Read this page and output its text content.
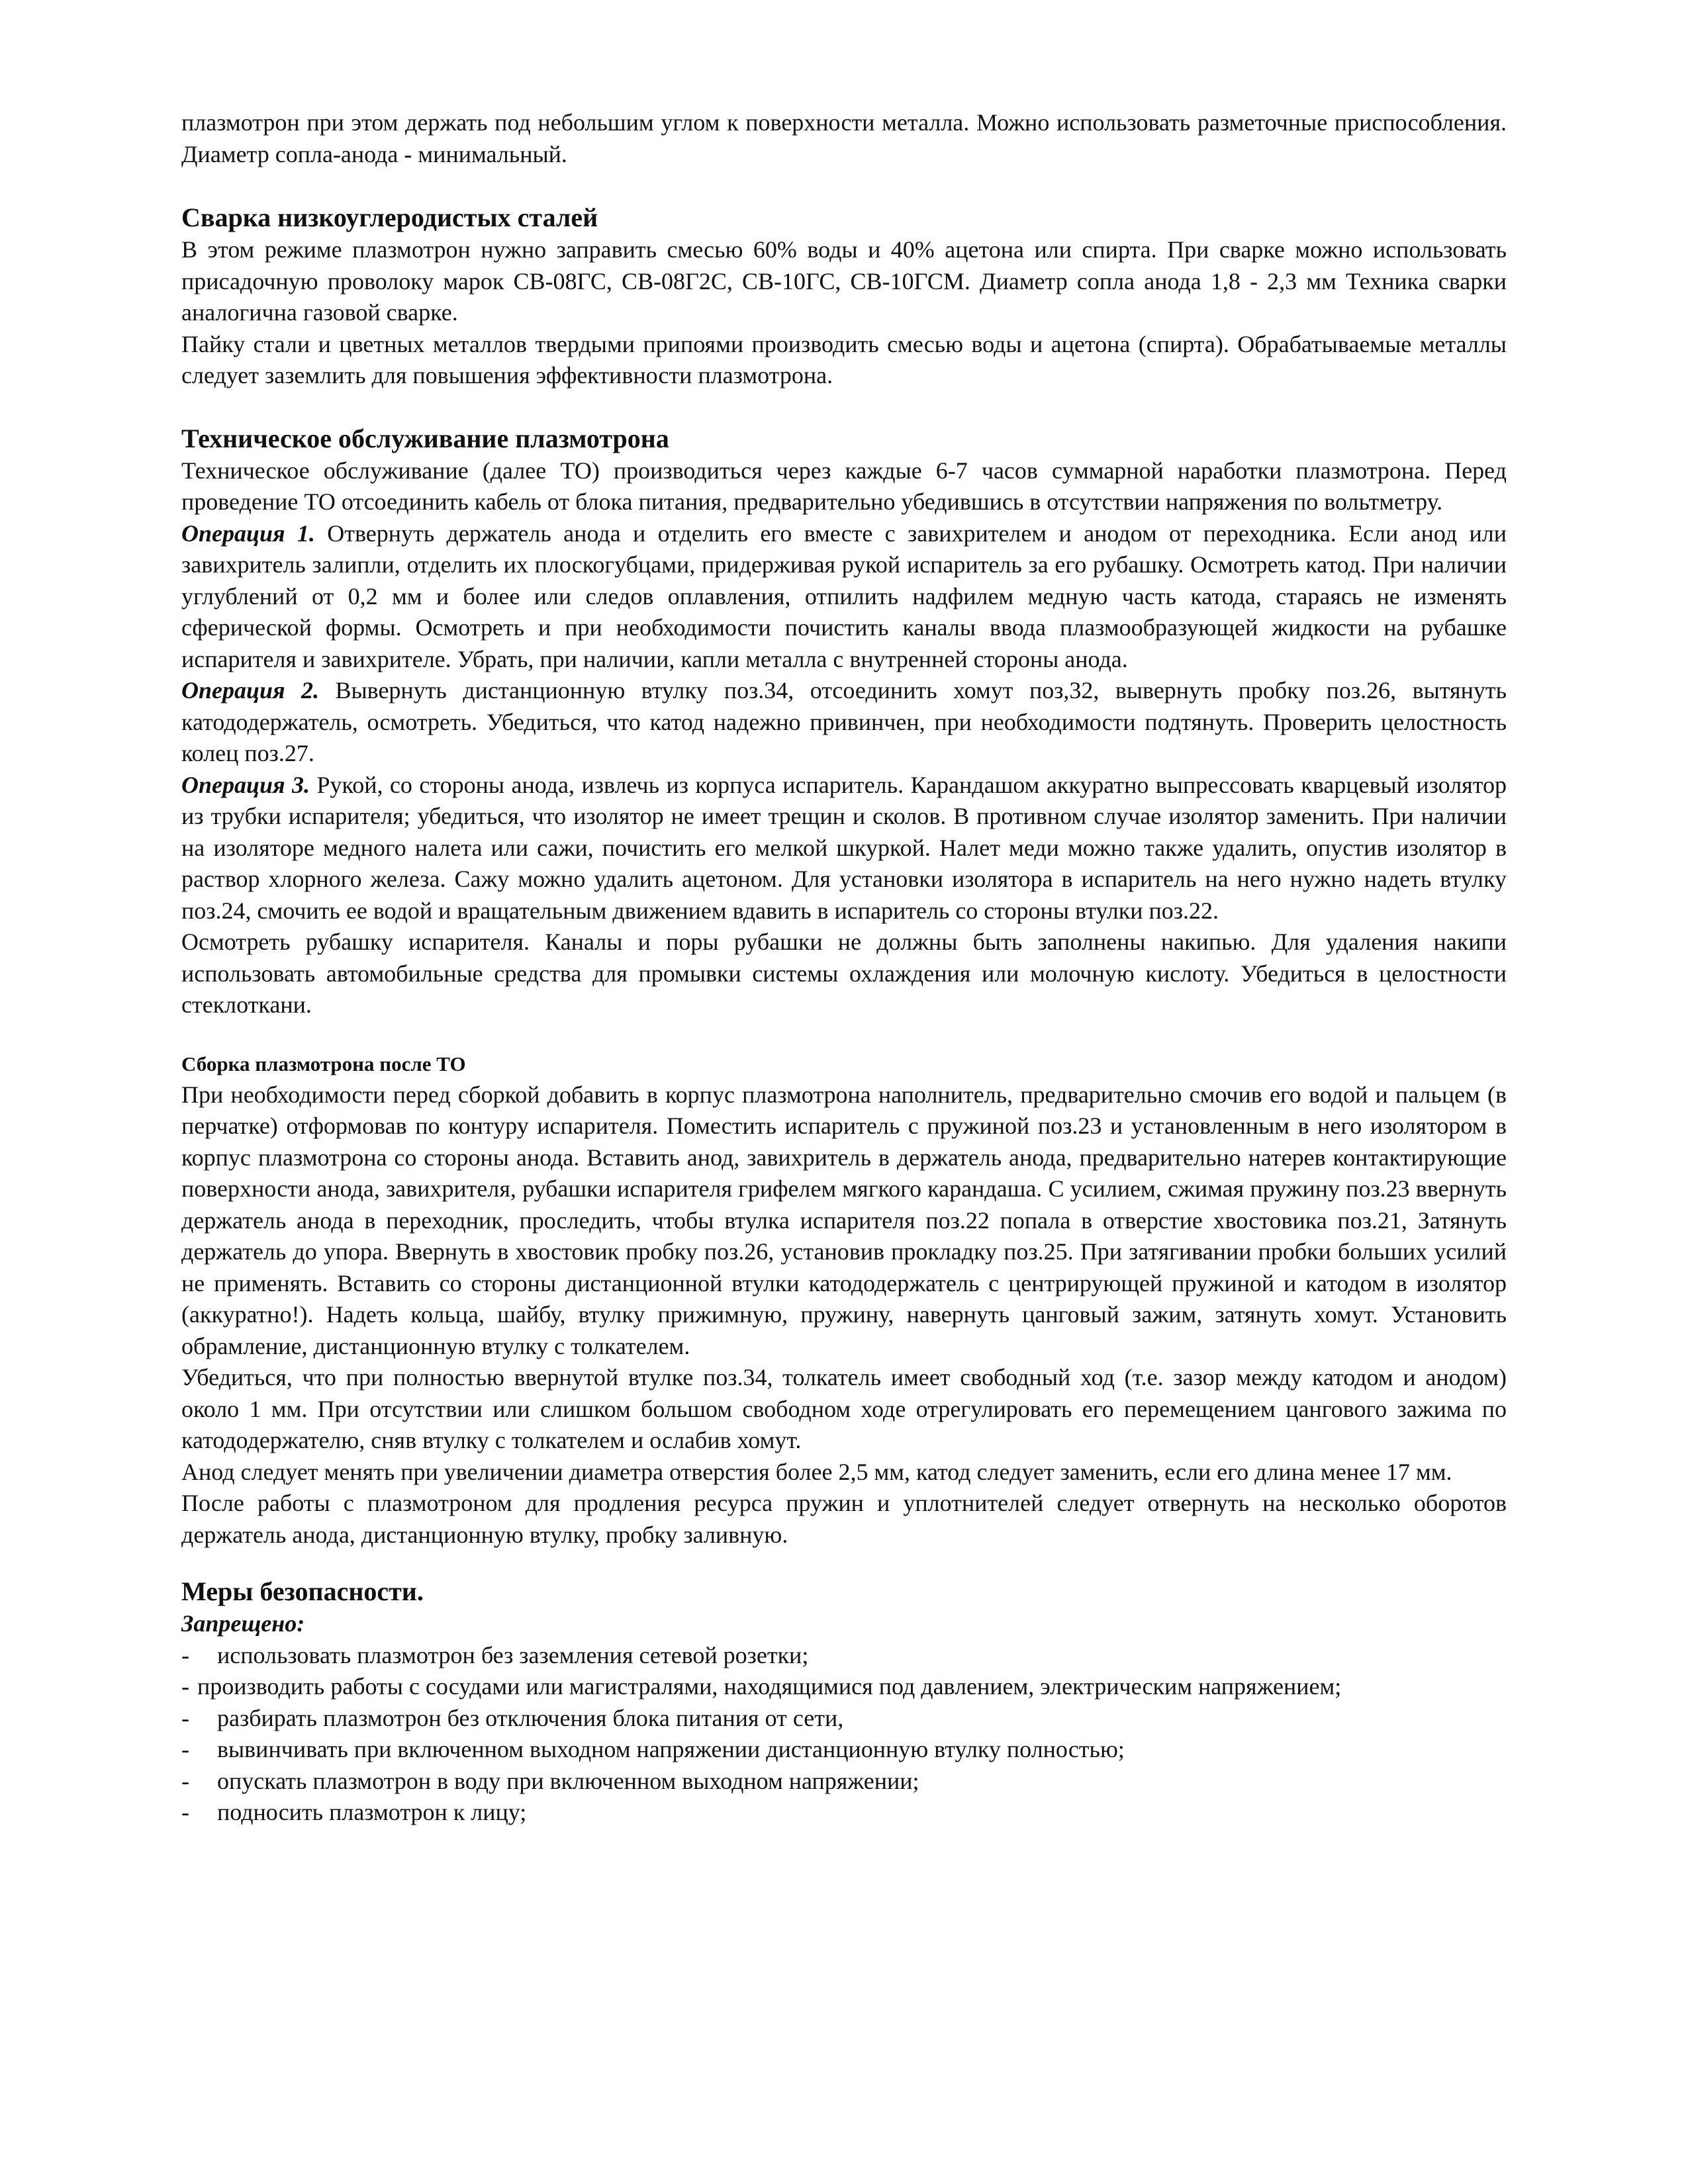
плазмотрон при этом держать под небольшим углом к поверхности металла. Можно использовать разметочные приспособления. Диаметр сопла-анода - минимальный.

Сварка низкоуглеродистых сталей

В этом режиме плазмотрон нужно заправить смесью 60% воды и 40% ацетона или спирта. При сварке можно использовать присадочную проволоку марок СВ-08ГС, СВ-08Г2С, СВ-10ГС, СВ-10ГСМ. Диаметр сопла анода 1,8 - 2,3 мм Техника сварки аналогична газовой сварке.

Пайку стали и цветных металлов твердыми припоями производить смесью воды и ацетона (спирта). Обрабатываемые металлы следует заземлить для повышения эффективности плазмотрона.

Техническое обслуживание плазмотрона

Техническое обслуживание (далее ТО) производиться через каждые 6-7 часов суммарной наработки плазмотрона. Перед проведение ТО отсоединить кабель от блока питания, предварительно убедившись в отсутствии напряжения по вольтметру.

Операция 1. Отвернуть держатель анода и отделить его вместе с завихрителем и анодом от переходника. Если анод или завихритель залипли, отделить их плоскогубцами, придерживая рукой испаритель за его рубашку. Осмотреть катод. При наличии углублений от 0,2 мм и более или следов оплавления, отпилить надфилем медную часть катода, стараясь не изменять сферической формы. Осмотреть и при необходимости почистить каналы ввода плазмообразующей жидкости на рубашке испарителя и завихрителе. Убрать, при наличии, капли металла с внутренней стороны анода.

Операция 2. Вывернуть дистанционную втулку поз.34, отсоединить хомут поз,32, вывернуть пробку поз.26, вытянуть катододержатель, осмотреть. Убедиться, что катод надежно привинчен, при необходимости подтянуть. Проверить целостность колец поз.27.

Операция 3. Рукой, со стороны анода, извлечь из корпуса испаритель. Карандашом аккуратно выпрессовать кварцевый изолятор из трубки испарителя; убедиться, что изолятор не имеет трещин и сколов. В противном случае изолятор заменить. При наличии на изоляторе медного налета или сажи, почистить его мелкой шкуркой. Налет меди можно также удалить, опустив изолятор в раствор хлорного железа. Сажу можно удалить ацетоном. Для установки изолятора в испаритель на него нужно надеть втулку поз.24, смочить ее водой и вращательным движением вдавить в испаритель со стороны втулки поз.22.

Осмотреть рубашку испарителя. Каналы и поры рубашки не должны быть заполнены накипью. Для удаления накипи использовать автомобильные средства для промывки системы охлаждения или молочную кислоту. Убедиться в целостности стеклоткани.

Сборка плазмотрона после ТО

При необходимости перед сборкой добавить в корпус плазмотрона наполнитель, предварительно смочив его водой и пальцем (в перчатке) отформовав по контуру испарителя. Поместить испаритель с пружиной поз.23 и установленным в него изолятором в корпус плазмотрона со стороны анода. Вставить анод, завихритель в держатель анода, предварительно натерев контактирующие поверхности анода, завихрителя, рубашки испарителя грифелем мягкого карандаша. С усилием, сжимая пружину поз.23 ввернуть держатель анода в переходник, проследить, чтобы втулка испарителя поз.22 попала в отверстие хвостовика поз.21, Затянуть держатель до упора. Ввернуть в хвостовик пробку поз.26, установив прокладку поз.25. При затягивании пробки больших усилий не применять. Вставить со стороны дистанционной втулки катододержатель с центрирующей пружиной и катодом в изолятор (аккуратно!). Надеть кольца, шайбу, втулку прижимную, пружину, навернуть цанговый зажим, затянуть хомут. Установить обрамление, дистанционную втулку с толкателем.

Убедиться, что при полностью ввернутой втулке поз.34, толкатель имеет свободный ход (т.е. зазор между катодом и анодом) около 1 мм. При отсутствии или слишком большом свободном ходе отрегулировать его перемещением цангового зажима по катододержателю, сняв втулку с толкателем и ослабив хомут.

Анод следует менять при увеличении диаметра отверстия более 2,5 мм, катод следует заменить, если его длина менее 17 мм.

После работы с плазмотроном для продления ресурса пружин и уплотнителей следует отвернуть на несколько оборотов держатель анода, дистанционную втулку, пробку заливную.

Меры безопасности.

Запрещено:

- использовать плазмотрон без заземления сетевой розетки;
- производить работы с сосудами или магистралями, находящимися под давлением, электрическим напряжением;
- разбирать плазмотрон без отключения блока питания от сети,
- вывинчивать при включенном выходном напряжении дистанционную втулку полностью;
- опускать плазмотрон в воду при включенном выходном напряжении;
- подносить плазмотрон к лицу;
